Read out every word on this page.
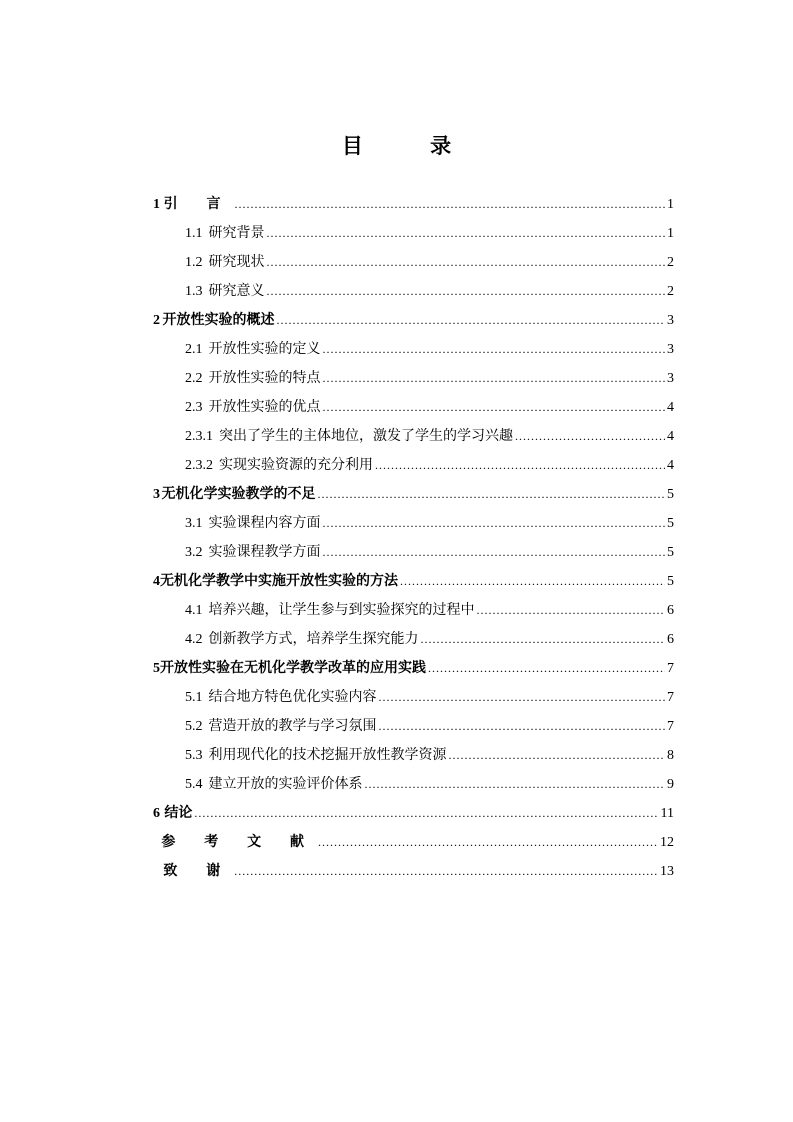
目 录
1 引 言 .....	1
1.1 研究背景 .....	1
1.2 研究现状 .....	2
1.3 研究意义 .....	2
2 开放性实验的概述 .....	3
2.1 开放性实验的定义 .....	3
2.2 开放性实验的特点 .....	3
2.3 开放性实验的优点 .....	4
2.3.1 突出了学生的主体地位，激发了学生的学习兴趣 .....	4
2.3.2 实现实验资源的充分利用 .....	4
3 无机化学实验教学的不足 .....	5
3.1 实验课程内容方面 .....	5
3.2 实验课程教学方面 .....	5
4 无机化学教学中实施开放性实验的方法 .....	5
4.1 培养兴趣，让学生参与到实验探究的过程中 .....	6
4.2 创新教学方式，培养学生探究能力 .....	6
5 开放性实验在无机化学教学改革的应用实践 .....	7
5.1 结合地方特色优化实验内容 .....	7
5.2 营造开放的教学与学习氛围 .....	7
5.3 利用现代化的技术挖掘开放性教学资源 .....	8
5.4 建立开放的实验评价体系 .....	9
6 结论 .....	11
参 考 文 献 .....	12
致 谢 .....	13
